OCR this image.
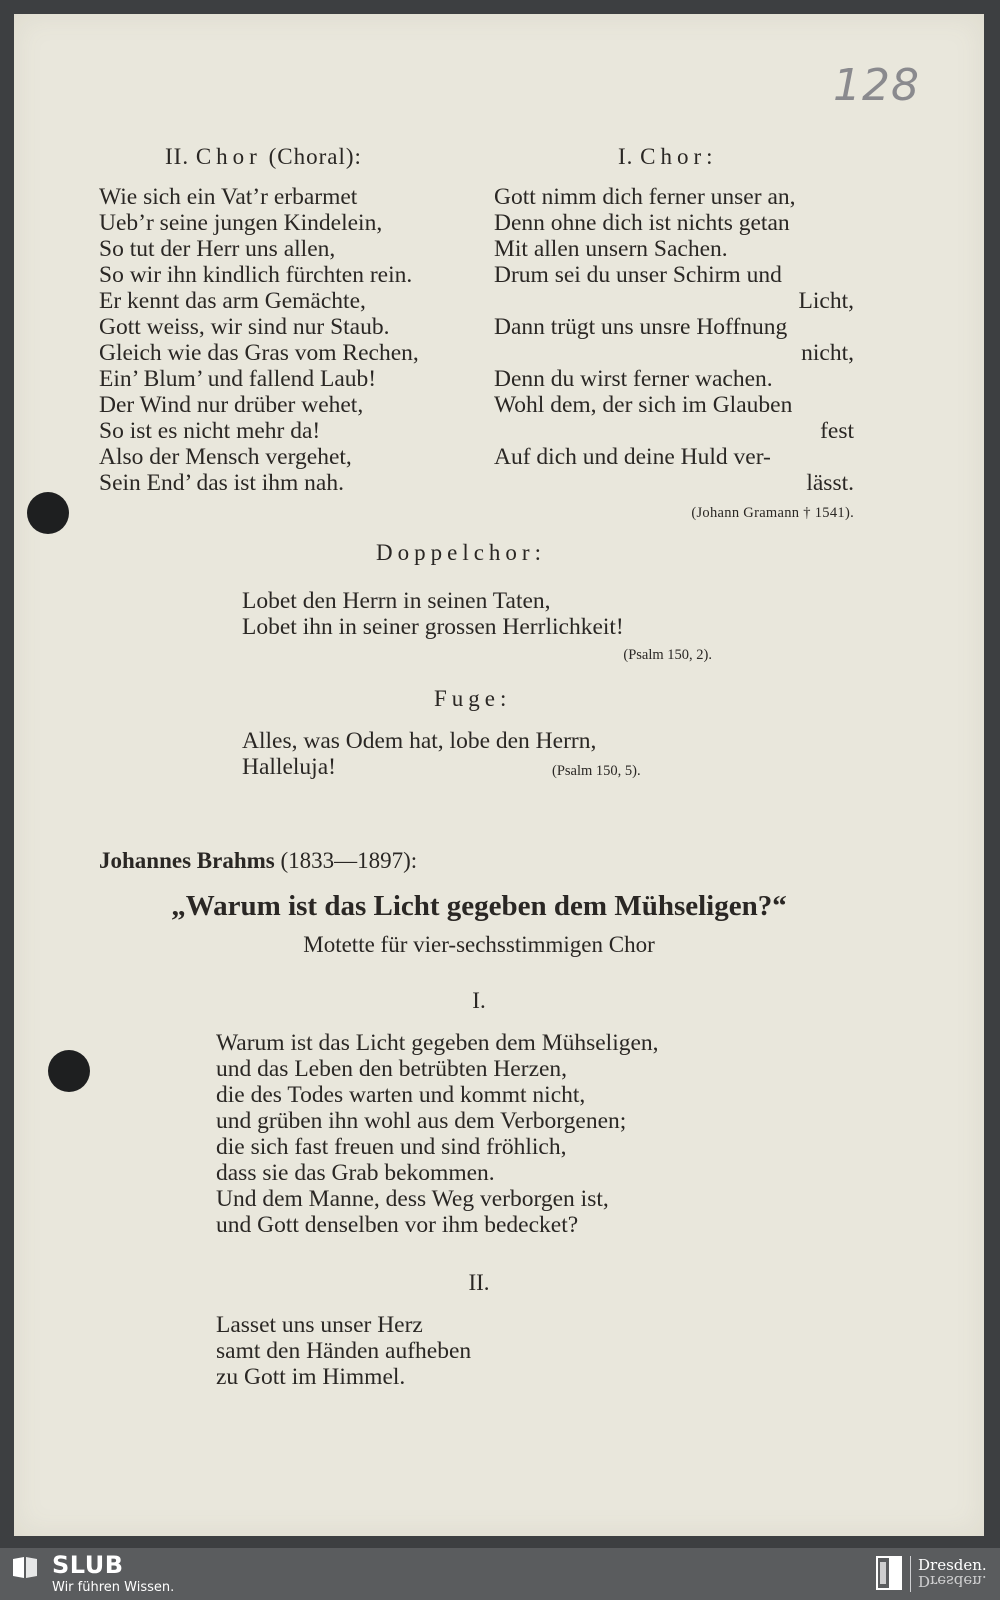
128
II. Chor (Choral):
Wie sich ein Vat’r erbarmet
Ueb’r seine jungen Kindelein,
So tut der Herr uns allen,
So wir ihn kindlich fürchten rein.
Er kennt das arm Gemächte,
Gott weiss, wir sind nur Staub.
Gleich wie das Gras vom Rechen,
Ein’ Blum’ und fallend Laub!
Der Wind nur drüber wehet,
So ist es nicht mehr da!
Also der Mensch vergehet,
Sein End’ das ist ihm nah.
I. Chor:
Gott nimm dich ferner unser an,
Denn ohne dich ist nichts getan
Mit allen unsern Sachen.
Drum sei du unser Schirm und
Licht,
Dann trügt uns unsre Hoffnung
nicht,
Denn du wirst ferner wachen.
Wohl dem, der sich im Glauben
fest
Auf dich und deine Huld ver-
lässt.
(Johann Gramann † 1541).
Doppelchor:
Lobet den Herrn in seinen Taten,
Lobet ihn in seiner grossen Herrlichkeit!
(Psalm 150, 2).
Fuge:
Alles, was Odem hat, lobe den Herrn,
Halleluja!	(Psalm 150, 5).
Johannes Brahms (1833—1897):
„Warum ist das Licht gegeben dem Mühseligen?“
Motette für vier-sechsstimmigen Chor
I.
Warum ist das Licht gegeben dem Mühseligen,
und das Leben den betrübten Herzen,
die des Todes warten und kommt nicht,
und grüben ihn wohl aus dem Verborgenen;
die sich fast freuen und sind fröhlich,
dass sie das Grab bekommen.
Und dem Manne, dess Weg verborgen ist,
und Gott denselben vor ihm bedecket?
II.
Lasset uns unser Herz
samt den Händen aufheben
zu Gott im Himmel.
SLUB
Wir führen Wissen.
Dresden.
Dresden.
